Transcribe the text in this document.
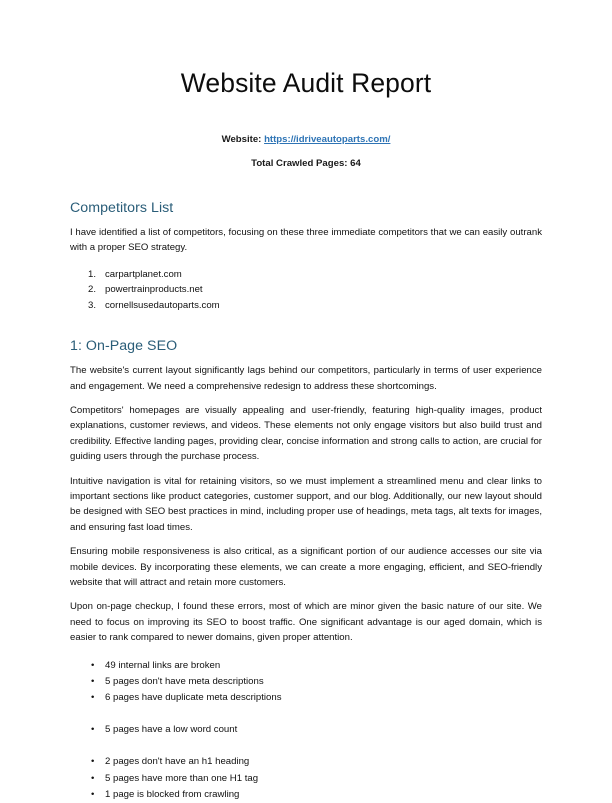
Website Audit Report

Website: https://idriveautoparts.com/

Total Crawled Pages: 64

Competitors List

I have identified a list of competitors, focusing on these three immediate competitors that we can easily outrank with a proper SEO strategy.

carpartplanet.com
powertrainproducts.net
cornellsusedautoparts.com
1: On-Page SEO

The website's current layout significantly lags behind our competitors, particularly in terms of user experience and engagement. We need a comprehensive redesign to address these shortcomings.

Competitors' homepages are visually appealing and user-friendly, featuring high-quality images, product explanations, customer reviews, and videos. These elements not only engage visitors but also build trust and credibility. Effective landing pages, providing clear, concise information and strong calls to action, are crucial for guiding users through the purchase process.

Intuitive navigation is vital for retaining visitors, so we must implement a streamlined menu and clear links to important sections like product categories, customer support, and our blog. Additionally, our new layout should be designed with SEO best practices in mind, including proper use of headings, meta tags, alt texts for images, and ensuring fast load times.

Ensuring mobile responsiveness is also critical, as a significant portion of our audience accesses our site via mobile devices. By incorporating these elements, we can create a more engaging, efficient, and SEO-friendly website that will attract and retain more customers.

Upon on-page checkup, I found these errors, most of which are minor given the basic nature of our site. We need to focus on improving its SEO to boost traffic. One significant advantage is our aged domain, which is easier to rank compared to newer domains, given proper attention.

• 49 internal links are broken
• 5 pages don't have meta descriptions
• 6 pages have duplicate meta descriptions
• 5 pages have a low word count
• 2 pages don't have an h1 heading
• 5 pages have more than one H1 tag
• 1 page is blocked from crawling
